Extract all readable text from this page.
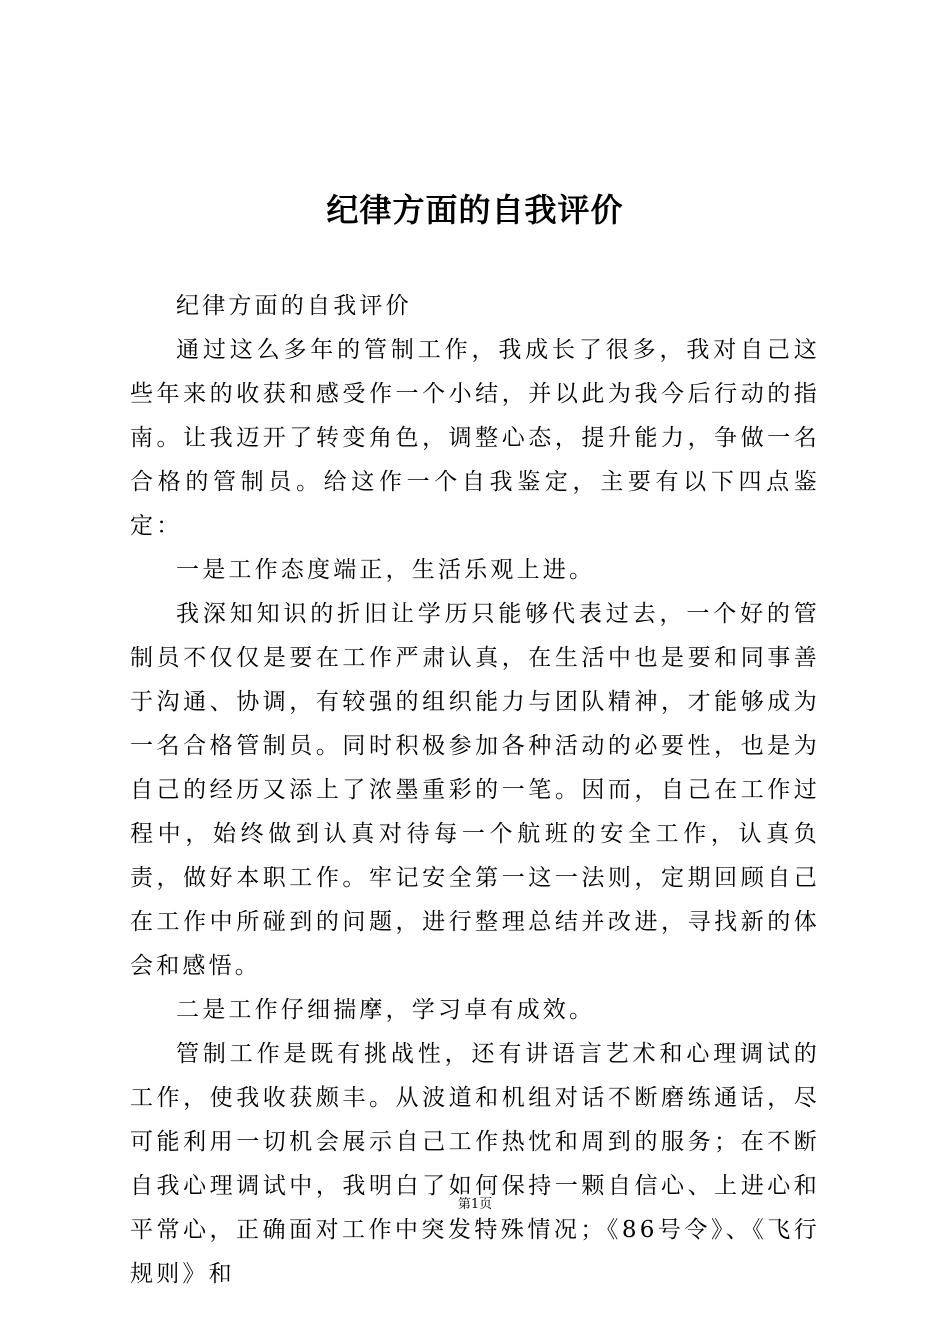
纪律方面的自我评价

纪律方面的自我评价

通过这么多年的管制工作，我成长了很多，我对自己这些年来的收获和感受作一个小结，并以此为我今后行动的指南。让我迈开了转变角色，调整心态，提升能力，争做一名合格的管制员。给这作一个自我鉴定，主要有以下四点鉴定：

一是工作态度端正，生活乐观上进。

我深知知识的折旧让学历只能够代表过去，一个好的管制员不仅仅是要在工作严肃认真，在生活中也是要和同事善于沟通、协调，有较强的组织能力与团队精神，才能够成为一名合格管制员。同时积极参加各种活动的必要性，也是为自己的经历又添上了浓墨重彩的一笔。因而，自己在工作过程中，始终做到认真对待每一个航班的安全工作，认真负责，做好本职工作。牢记安全第一这一法则，定期回顾自己在工作中所碰到的问题，进行整理总结并改进，寻找新的体会和感悟。

二是工作仔细揣摩，学习卓有成效。

管制工作是既有挑战性，还有讲语言艺术和心理调试的工作，使我收获颇丰。从波道和机组对话不断磨练通话，尽可能利用一切机会展示自己工作热忱和周到的服务；在不断自我心理调试中，我明白了如何保持一颗自信心、上进心和平常心，正确面对工作中突发特殊情况；《86号令》、《飞行规则》和

第1页
